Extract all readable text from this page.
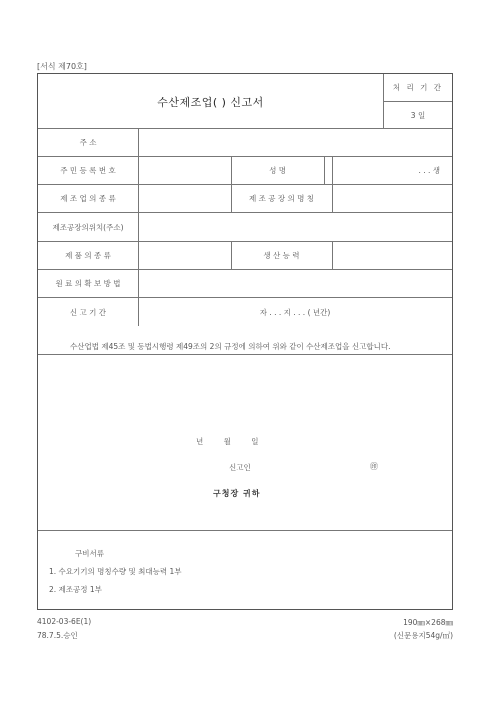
[서식 제70호]
수산제조업( ) 신고서
처 리 기 간
3 일
주 소
주 민 등 록 번 호	성 명	. . . 생
제 조 업 의 종 류	제 조 공 장 의 명 칭
제조공장의위치(주소)
제 품 의 종 류	생 산 능 력
원 료 의 확 보 방 법
신 고 기 간	자 . . . 지 . . . ( 년간)
수산업법 제45조 및 동법시행령 제49조의 2의 규정에 의하여 위와 같이 수산제조업을 신고합니다.
년 월 일
신고인	㊞
구청장 귀하
구비서류
1. 수요기기의 명칭수량 및 최대능력 1부
2. 제조공정 1부
4102-03-6E(1)
78.7.5.승인
190㎜×268㎜
(신문용지54g/㎡)
